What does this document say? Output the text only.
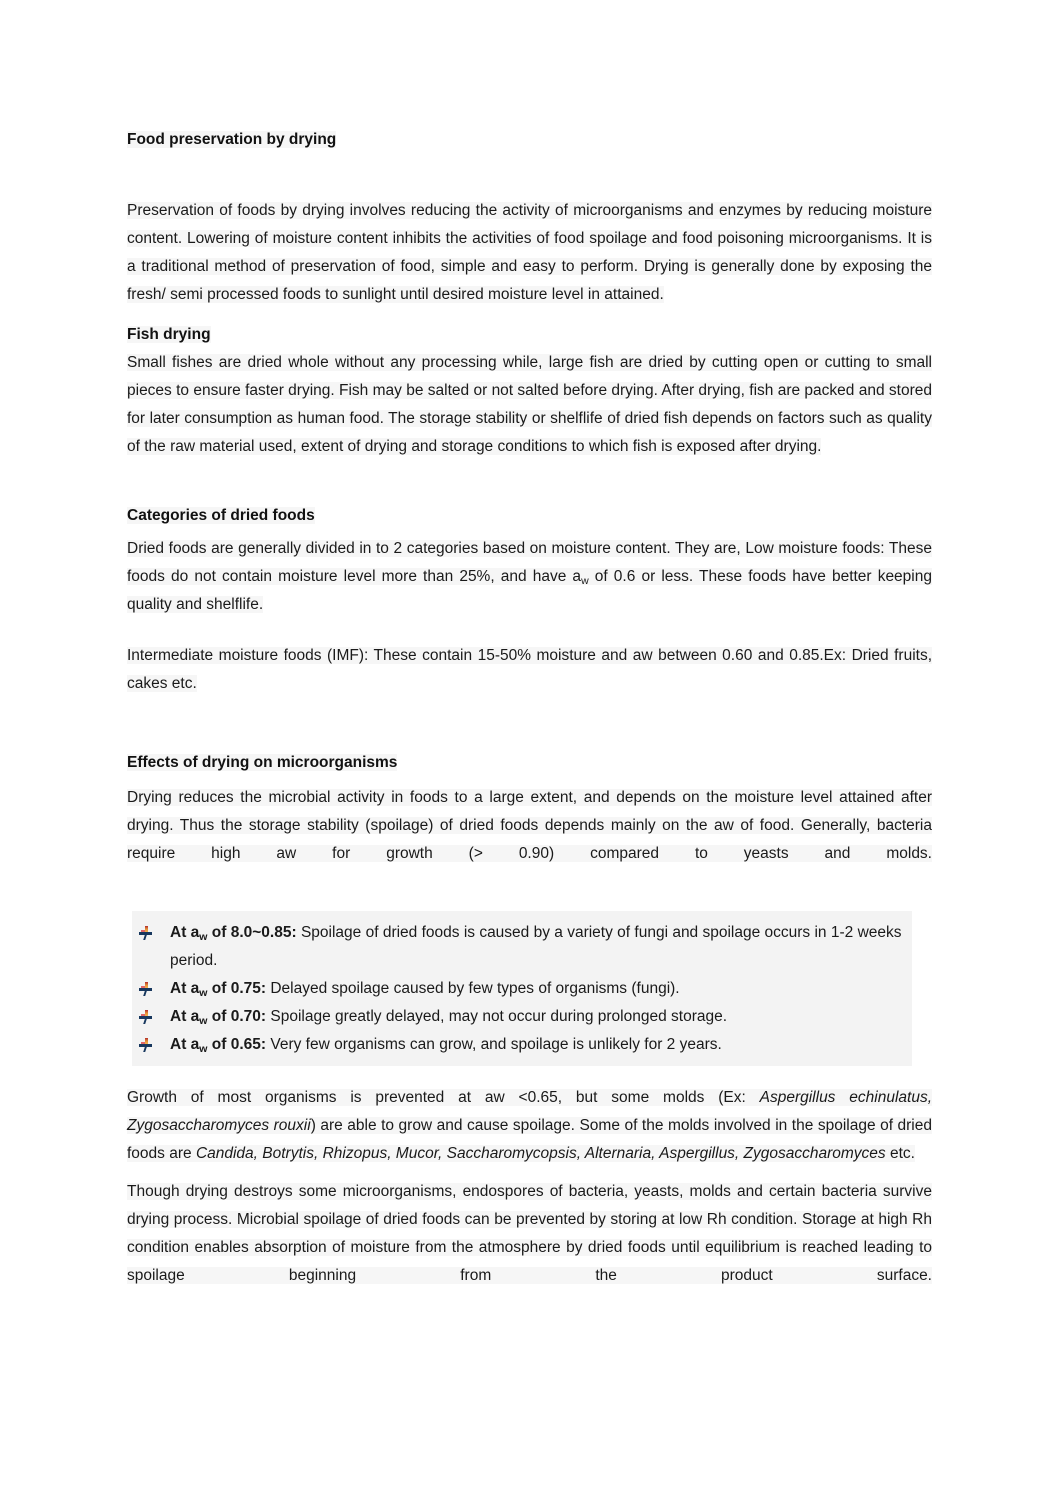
Food preservation by drying

Preservation of foods by drying involves reducing the activity of microorganisms and enzymes by reducing moisture content. Lowering of moisture content inhibits the activities of food spoilage and food poisoning microorganisms. It is a traditional method of preservation of food, simple and easy to perform. Drying is generally done by exposing the fresh/ semi processed foods to sunlight until desired moisture level in attained.

Fish drying

Small fishes are dried whole without any processing while, large fish are dried by cutting open or cutting to small pieces to ensure faster drying. Fish may be salted or not salted before drying. After drying, fish are packed and stored for later consumption as human food. The storage stability or shelflife of dried fish depends on factors such as quality of the raw material used, extent of drying and storage conditions to which fish is exposed after drying.

Categories of dried foods

Dried foods are generally divided in to 2 categories based on moisture content. They are, Low moisture foods: These foods do not contain moisture level more than 25%, and have $a_w$ of 0.6 or less. These foods have better keeping quality and shelflife.

Intermediate moisture foods (IMF): These contain 15-50% moisture and aw between 0.60 and 0.85.Ex: Dried fruits, cakes etc.

Effects of drying on microorganisms

Drying reduces the microbial activity in foods to a large extent, and depends on the moisture level attained after drying. Thus the storage stability (spoilage) of dried foods depends mainly on the aw of food. Generally, bacteria require high aw for growth (> 0.90) compared to yeasts and molds.

At $a_w$ of 8.0~0.85: Spoilage of dried foods is caused by a variety of fungi and spoilage occurs in 1-2 weeks period.
At $a_w$ of 0.75: Delayed spoilage caused by few types of organisms (fungi).
At $a_w$ of 0.70: Spoilage greatly delayed, may not occur during prolonged storage.
At $a_w$ of 0.65: Very few organisms can grow, and spoilage is unlikely for 2 years.

Growth of most organisms is prevented at aw <0.65, but some molds (Ex: Aspergillus echinulatus, Zygosaccharomyces rouxii) are able to grow and cause spoilage. Some of the molds involved in the spoilage of dried foods are Candida, Botrytis, Rhizopus, Mucor, Saccharomycopsis, Alternaria, Aspergillus, Zygosaccharomyces etc.

Though drying destroys some microorganisms, endospores of bacteria, yeasts, molds and certain bacteria survive drying process. Microbial spoilage of dried foods can be prevented by storing at low Rh condition. Storage at high Rh condition enables absorption of moisture from the atmosphere by dried foods until equilibrium is reached leading to spoilage beginning from the product surface.
